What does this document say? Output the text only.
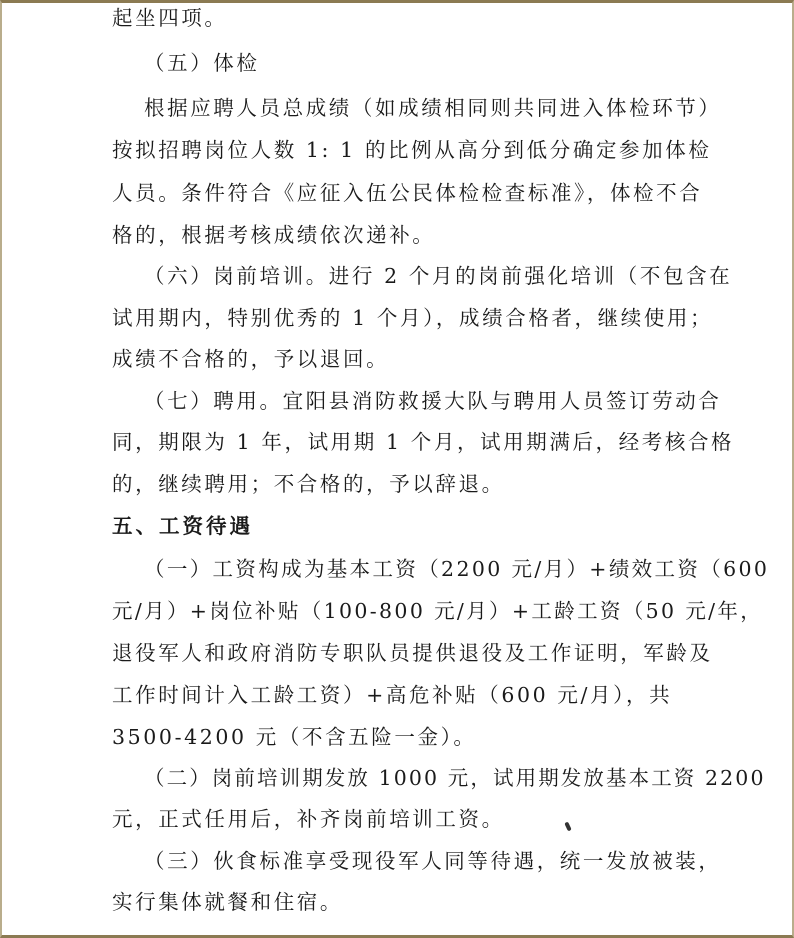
起坐四项。
（五）体检
根据应聘人员总成绩（如成绩相同则共同进入体检环节）
按拟招聘岗位人数 1: 1 的比例从高分到低分确定参加体检
人员。条件符合《应征入伍公民体检检查标准》，体检不合
格的，根据考核成绩依次递补。
（六）岗前培训。进行 2 个月的岗前强化培训（不包含在
试用期内，特别优秀的 1 个月），成绩合格者，继续使用；
成绩不合格的，予以退回。
（七）聘用。宜阳县消防救援大队与聘用人员签订劳动合
同，期限为 1 年，试用期 1 个月，试用期满后，经考核合格
的，继续聘用；不合格的，予以辞退。
五、工资待遇
（一）工资构成为基本工资（2200 元/月）+绩效工资（600
元/月）+岗位补贴（100-800 元/月）+工龄工资（50 元/年，
退役军人和政府消防专职队员提供退役及工作证明，军龄及
工作时间计入工龄工资）+高危补贴（600 元/月），共
3500-4200 元（不含五险一金）。
（二）岗前培训期发放 1000 元，试用期发放基本工资 2200
元，正式任用后，补齐岗前培训工资。
（三）伙食标准享受现役军人同等待遇，统一发放被装，
实行集体就餐和住宿。
